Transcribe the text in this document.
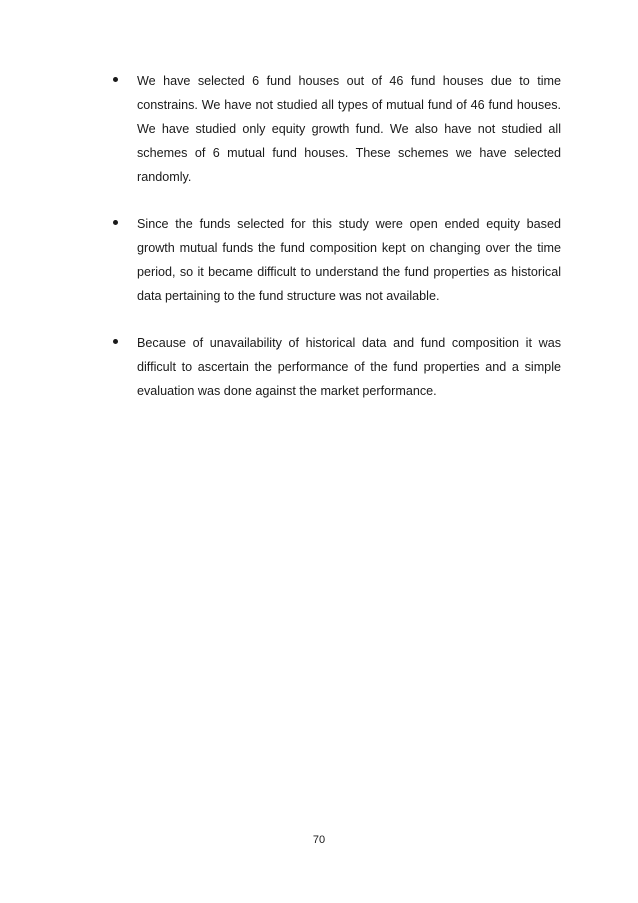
We have selected 6 fund houses out of 46 fund houses due to time constrains. We have not studied all types of mutual fund of 46 fund houses. We have studied only equity growth fund. We also have not studied all schemes of 6 mutual fund houses. These schemes we have selected randomly.
Since the funds selected for this study were open ended equity based growth mutual funds the fund composition kept on changing over the time period, so it became difficult to understand the fund properties as historical data pertaining to the fund structure was not available.
Because of unavailability of historical data and fund composition it was difficult to ascertain the performance of the fund properties and a simple evaluation was done against the market performance.
70
